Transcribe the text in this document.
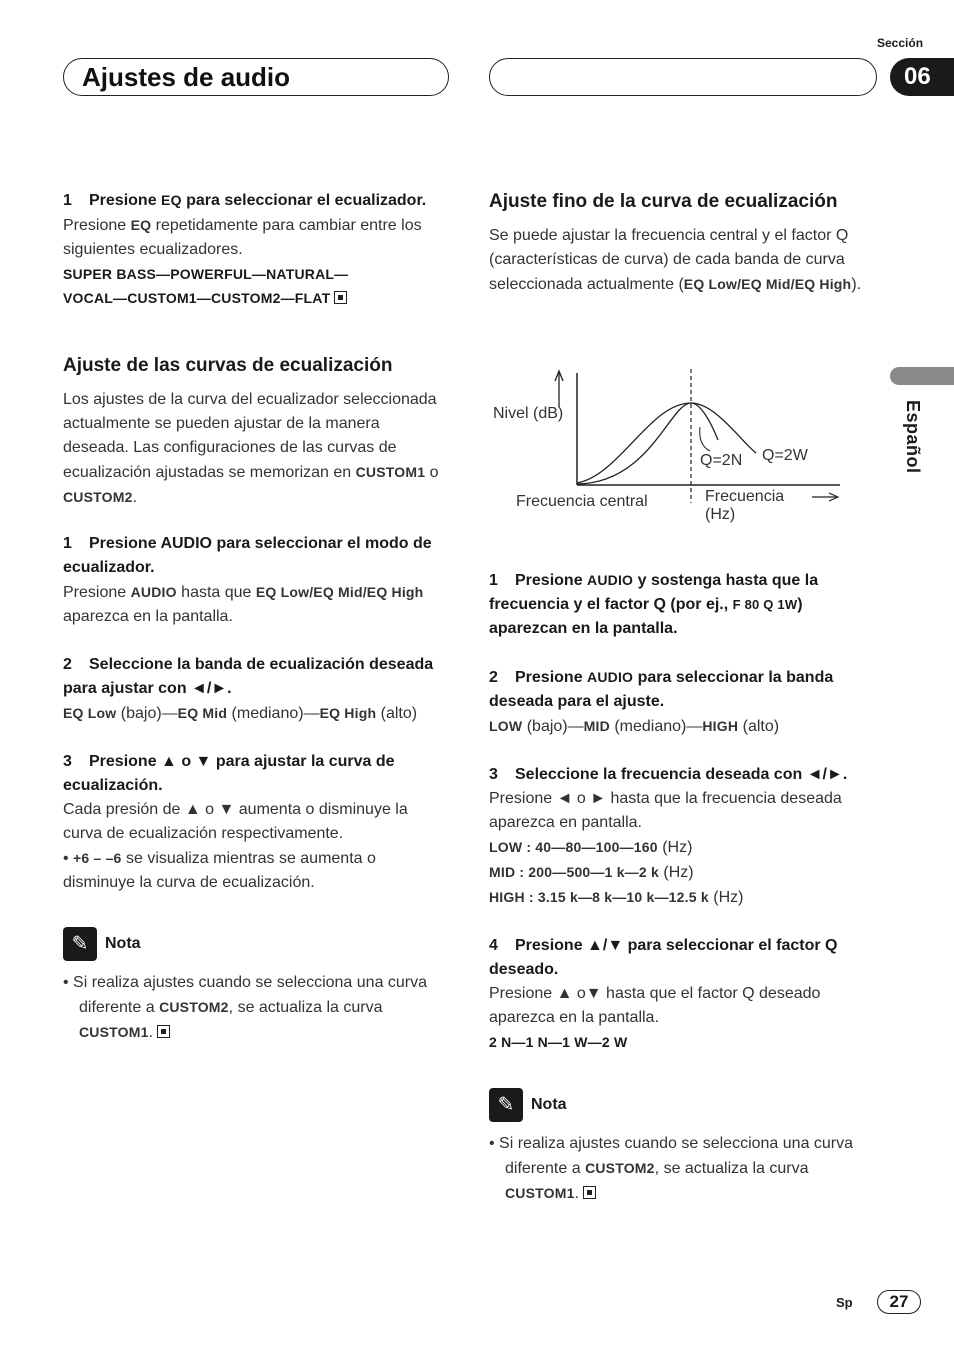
Ajustes de audio
Sección
06
Español

1 Presione EQ para seleccionar el ecualizador.

Presione EQ repetidamente para cambiar entre los siguientes ecualizadores.

SUPER BASS—POWERFUL—NATURAL—
VOCAL—CUSTOM1—CUSTOM2—FLAT

Ajuste de las curvas de ecualización

Los ajustes de la curva del ecualizador seleccionada actualmente se pueden ajustar de la manera deseada. Las configuraciones de las curvas de ecualización ajustadas se memorizan en CUSTOM1 o CUSTOM2.

1 Presione AUDIO para seleccionar el modo de ecualizador.

Presione AUDIO hasta que EQ Low/EQ Mid/EQ High aparezca en la pantalla.

2 Seleccione la banda de ecualización deseada para ajustar con ◄/►.

EQ Low (bajo)—EQ Mid (mediano)—EQ High (alto)

3 Presione ▲ o ▼ para ajustar la curva de ecualización.

Cada presión de ▲ o ▼ aumenta o disminuye la curva de ecualización respectivamente.

• +6 – –6 se visualiza mientras se aumenta o disminuye la curva de ecualización.

✎	Nota

• Si realiza ajustes cuando se selecciona una curva diferente a CUSTOM2, se actualiza la curva CUSTOM1.

Ajuste fino de la curva de ecualización

Se puede ajustar la frecuencia central y el factor Q (características de curva) de cada banda de curva seleccionada actualmente (EQ Low/EQ Mid/EQ High).

Nivel (dB)
Q=2N Q=2W
Frecuencia central	Frecuencia
(Hz)

1 Presione AUDIO y sostenga hasta que la frecuencia y el factor Q (por ej., F 80 Q 1W) aparezcan en la pantalla.

2 Presione AUDIO para seleccionar la banda deseada para el ajuste.

LOW (bajo)—MID (mediano)—HIGH (alto)

3 Seleccione la frecuencia deseada con ◄/►.

Presione ◄ o ► hasta que la frecuencia deseada aparezca en pantalla.

LOW : 40—80—100—160 (Hz)

MID : 200—500—1 k—2 k (Hz)

HIGH : 3.15 k—8 k—10 k—12.5 k (Hz)

4 Presione ▲/▼ para seleccionar el factor Q deseado.

Presione ▲ o▼ hasta que el factor Q deseado aparezca en la pantalla.

2 N—1 N—1 W—2 W

✎	Nota

• Si realiza ajustes cuando se selecciona una curva diferente a CUSTOM2, se actualiza la curva CUSTOM1.

Sp	27
